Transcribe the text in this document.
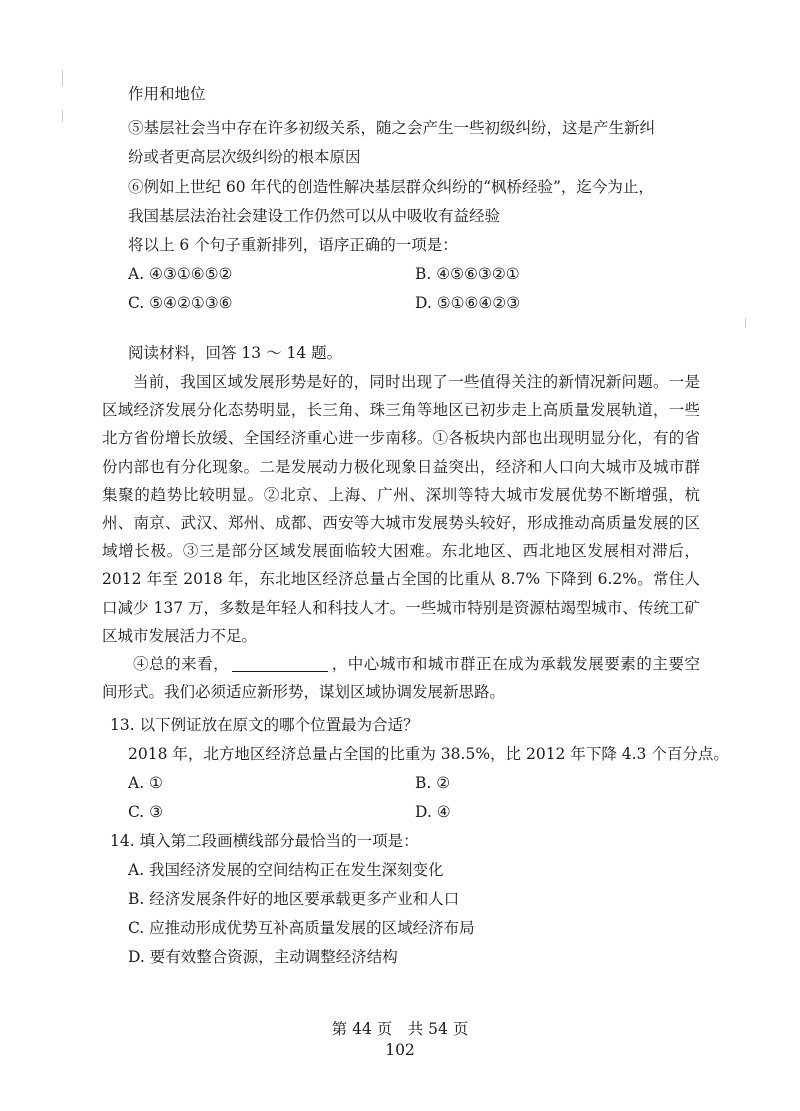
作用和地位
⑤基层社会当中存在许多初级关系，随之会产生一些初级纠纷，这是产生新纠
纷或者更高层次级纠纷的根本原因
⑥例如上世纪 60 年代的创造性解决基层群众纠纷的“枫桥经验”，迄今为止，
我国基层法治社会建设工作仍然可以从中吸收有益经验
将以上 6 个句子重新排列，语序正确的一项是：
A. ④③①⑥⑤②	B. ④⑤⑥③②①
C. ⑤④②①③⑥	D. ⑤①⑥④②③
阅读材料，回答 13 ～ 14 题。

当前，我国区域发展形势是好的，同时出现了一些值得关注的新情况新问题。一是区域经济发展分化态势明显，长三角、珠三角等地区已初步走上高质量发展轨道，一些北方省份增长放缓、全国经济重心进一步南移。①各板块内部也出现明显分化，有的省份内部也有分化现象。二是发展动力极化现象日益突出，经济和人口向大城市及城市群集聚的趋势比较明显。②北京、上海、广州、深圳等特大城市发展优势不断增强，杭州、南京、武汉、郑州、成都、西安等大城市发展势头较好，形成推动高质量发展的区域增长极。③三是部分区域发展面临较大困难。东北地区、西北地区发展相对滞后，2012 年至 2018 年，东北地区经济总量占全国的比重从 8.7% 下降到 6.2%。常住人口减少 137 万，多数是年轻人和科技人才。一些城市特别是资源枯竭型城市、传统工矿区城市发展活力不足。

④总的来看，	，中心城市和城市群正在成为承载发展要素的主要空间形式。我们必须适应新形势，谋划区域协调发展新思路。

13. 以下例证放在原文的哪个位置最为合适？
2018 年，北方地区经济总量占全国的比重为 38.5%，比 2012 年下降 4.3 个百分点。
A. ①	B. ②
C. ③	D. ④
14. 填入第二段画横线部分最恰当的一项是：
A. 我国经济发展的空间结构正在发生深刻变化
B. 经济发展条件好的地区要承载更多产业和人口
C. 应推动形成优势互补高质量发展的区域经济布局
D. 要有效整合资源，主动调整经济结构
第 44 页　共 54 页
102
